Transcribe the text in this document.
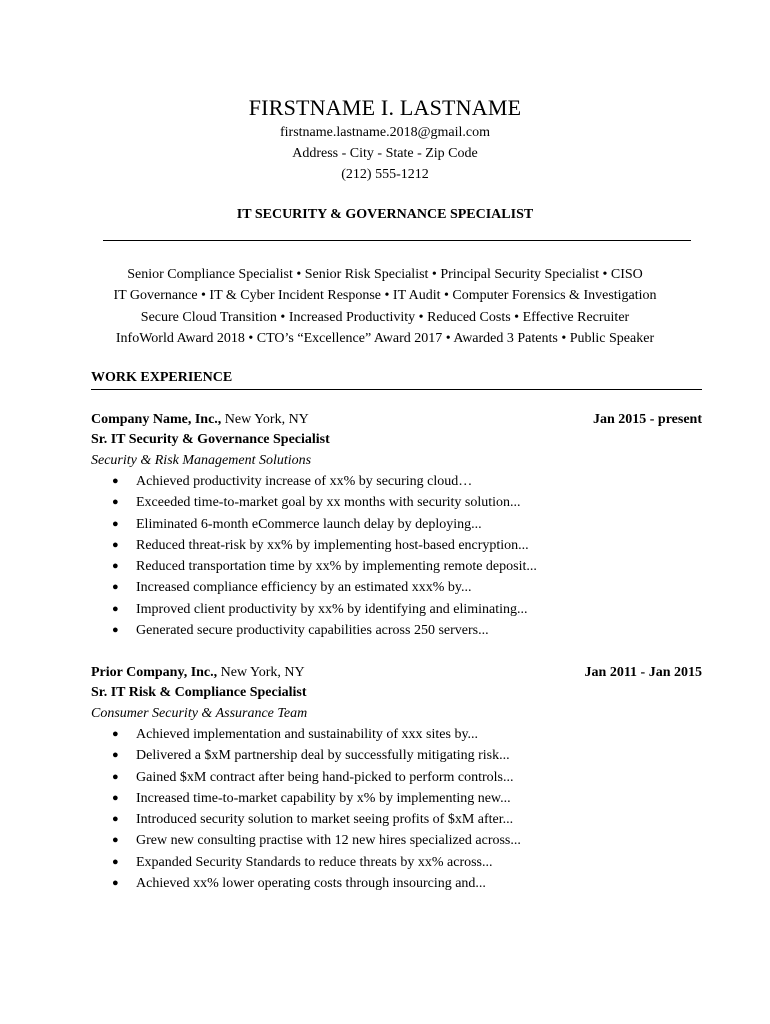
FIRSTNAME I. LASTNAME
firstname.lastname.2018@gmail.com
Address - City - State - Zip Code
(212) 555-1212
IT SECURITY & GOVERNANCE SPECIALIST
Senior Compliance Specialist • Senior Risk Specialist • Principal Security Specialist • CISO
IT Governance • IT & Cyber Incident Response • IT Audit • Computer Forensics & Investigation
Secure Cloud Transition • Increased Productivity • Reduced Costs • Effective Recruiter
InfoWorld Award 2018 • CTO’s “Excellence” Award 2017 • Awarded 3 Patents • Public Speaker
WORK EXPERIENCE
Company Name, Inc., New York, NY	Jan 2015 - present
Sr. IT Security & Governance Specialist
Security & Risk Management Solutions
● Achieved productivity increase of xx% by securing cloud…
● Exceeded time-to-market goal by xx months with security solution...
● Eliminated 6-month eCommerce launch delay by deploying...
● Reduced threat-risk by xx% by implementing host-based encryption...
● Reduced transportation time by xx% by implementing remote deposit...
● Increased compliance efficiency by an estimated xxx% by...
● Improved client productivity by xx% by identifying and eliminating...
● Generated secure productivity capabilities across 250 servers...
Prior Company, Inc., New York, NY	Jan 2011 - Jan 2015
Sr. IT Risk & Compliance Specialist
Consumer Security & Assurance Team
● Achieved implementation and sustainability of xxx sites by...
● Delivered a $xM partnership deal by successfully mitigating risk...
● Gained $xM contract after being hand-picked to perform controls...
● Increased time-to-market capability by x% by implementing new...
● Introduced security solution to market seeing profits of $xM after...
● Grew new consulting practise with 12 new hires specialized across...
● Expanded Security Standards to reduce threats by xx% across...
● Achieved xx% lower operating costs through insourcing and...
